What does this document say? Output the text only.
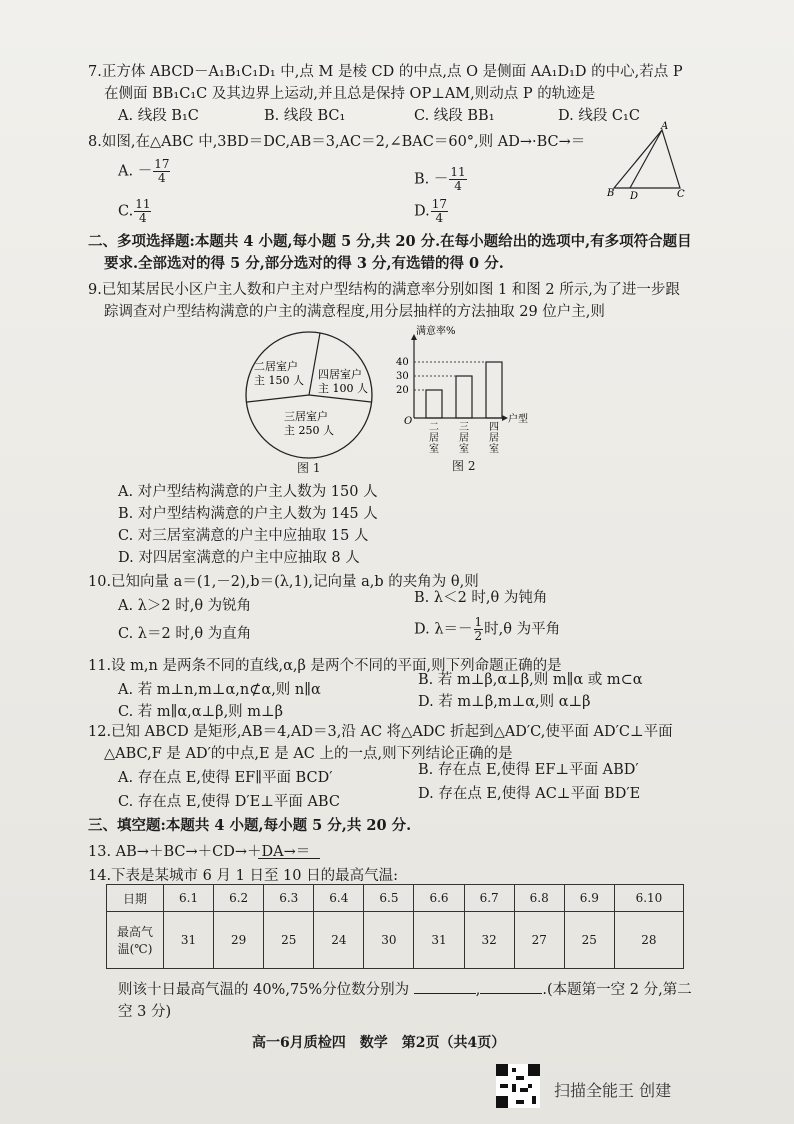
7.正方体 ABCD－A₁B₁C₁D₁ 中,点 M 是棱 CD 的中点,点 O 是侧面 AA₁D₁D 的中心,若点 P
在侧面 BB₁C₁C 及其边界上运动,并且总是保持 OP⊥AM,则动点 P 的轨迹是
A. 线段 B₁C	B. 线段 BC₁	C. 线段 BB₁	D. 线段 C₁C
8.如图,在△ABC 中,3BD＝DC,AB＝3,AC＝2,∠BAC＝60°,则 AD→·BC→＝
A. － $\frac{17}{4}$	B. － $\frac{11}{4}$
C. $\frac{11}{4}$	D. $\frac{17}{4}$
A
B	C
D
二、多项选择题:本题共 4 小题,每小题 5 分,共 20 分.在每小题给出的选项中,有多项符合题目
要求.全部选对的得 5 分,部分选对的得 3 分,有选错的得 0 分.
9.已知某居民小区户主人数和户主对户型结构的满意率分别如图 1 和图 2 所示,为了进一步跟
踪调查对户型结构满意的户主的满意程度,用分层抽样的方法抽取 29 位户主,则
二居室户
主 150 人 四居室户
主 100 人
三居室户
主 250 人
图 1
满意率%
户型
O
20
30
40
二
居
室
三
居
室
四
居
室
图 2
A. 对户型结构满意的户主人数为 150 人
B. 对户型结构满意的户主人数为 145 人
C. 对三居室满意的户主中应抽取 15 人
D. 对四居室满意的户主中应抽取 8 人
10.已知向量 a＝(1,－2),b＝(λ,1),记向量 a,b 的夹角为 θ,则
A. λ＞2 时,θ 为锐角	B. λ＜2 时,θ 为钝角
C. λ＝2 时,θ 为直角	D. $\lambda=- \frac{1}{2}$ 时,θ 为平角
11.设 m,n 是两条不同的直线,α,β 是两个不同的平面,则下列命题正确的是
A. 若 m⊥n,m⊥α,n⊄α,则 n∥α
B. 若 m⊥β,α⊥β,则 m∥α 或 m⊂α
C. 若 m∥α,α⊥β,则 m⊥β
D. 若 m⊥β,m⊥α,则 α⊥β
12.已知 ABCD 是矩形,AB＝4,AD＝3,沿 AC 将△ADC 折起到△AD′C,使平面 AD′C⊥平面
△ABC,F 是 AD′的中点,E 是 AC 上的一点,则下列结论正确的是
A. 存在点 E,使得 EF∥平面 BCD′	B. 存在点 E,使得 EF⊥平面 ABD′
C. 存在点 E,使得 D′E⊥平面 ABC	D. 存在点 E,使得 AC⊥平面 BD′E
三、填空题:本题共 4 小题,每小题 5 分,共 20 分.
13. AB→＋BC→＋CD→＋DA→＝
14.下表是某城市 6 月 1 日至 10 日的最高气温:
日期	6.1	6.2	6.3	6.4	6.5	6.6	6.7	6.8	6.9	6.10
最高气
温(℃)	31	29	25	24	30	31	32	27	25	28
则该十日最高气温的 40%,75%分位数分别为	,	.(本题第一空 2 分,第二
空 3 分)
高一6月质检四　数学　第2页（共4页）
扫描全能王 创建
